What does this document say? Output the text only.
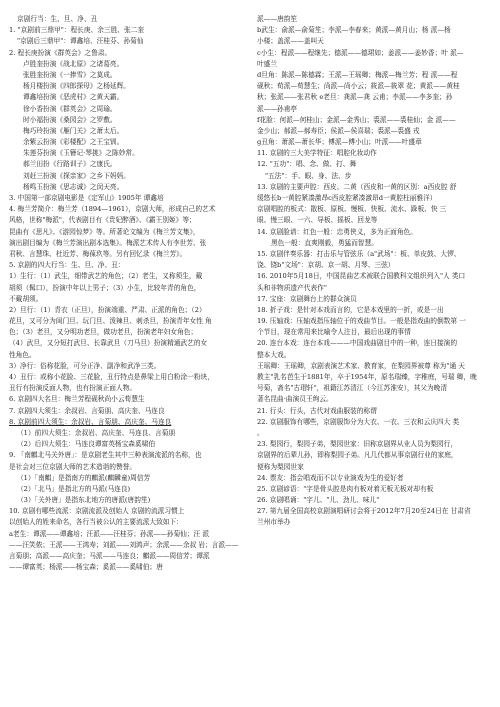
京剧行当：生、旦、净、丑
1. "京剧前三鼎甲"：程长庚、余三胜、张二奎
"京剧后三鼎甲"：谭鑫培、汪桂芬、孙菊仙
2. 程长庚扮演《群英会》之鲁肃。
卢胜奎扮演《战北原》之诸葛亮。
张胜奎扮演《一捧雪》之莫成。
杨月楼扮演《四郎探母》之杨延辉。
谭鑫培扮演《恶虎村》之黄天霸。
徐小香扮演《群英会》之周瑜。
时小福扮演《桑园会》之罗敷。
梅巧玲扮演《雁门关》之萧太后。
余紫云扮演《彩楼配》之王宝钏。
朱莲芬扮演《玉簪记·琴挑》之陈妙常。
郝兰田扮《行路训子》之康氏。
刘赶三扮演《探亲家》之乡下妈妈。
杨鸣玉扮演《思志诚》之闵天亮。
3. 中国第一部京剧电影是《定军山》1905年 谭鑫培
4. 梅兰芳简介：梅兰芳（1894—1961），京剧大师，形成自己的艺术
风格，世称"梅派"，代表剧目有《贵妃醉酒》、《霸王别姬》等；
昆曲有《思凡》、《游园惊梦》等。所著论文编为《梅兰芳文集》，
演出剧目编为《梅兰芳演出剧本选集》。梅派艺术传人有李世芳、张
君秋、言慧珠、杜近芳、梅葆玖等。另有回忆录《梅兰芳》。
5. 京剧的四大行当：生、旦、净、丑：
1）生行：（1）武生，细带武艺的角色；（2）老生，又称须生，戴
胡须（髯口），扮演中年以上男子；（3）小生，比较年青的角色，
不戴胡须。
2）旦行：（1）青衣（正旦），扮演端重、严肃、正派的角色；（2）
花旦，又可分为闺门旦、玩门旦、泼辣旦、刺杀旦，扮演青年女性 角
色；（3）老旦，又分明功老旦，做功老旦，扮演老年妇女角色；
（4）武旦，又分短打武旦、长靠武旦（刀马旦）扮演精通武艺的女
性角色。
3）净行：俗称花脸，可分正净、副净和武净三类。
4）丑行：或称小花脸、三花脸，丑行特点是鼻梁上用白粉涂一粉块，
丑行有扮演反面人物，也有扮演正面人物。
6. 京剧四大名旦：梅兰芳程砚秋尚小云荀慧生
7. 京剧四大须生：余叔岩、言菊朋、高庆奎、马连良
8. 京剧前四大须生：余叔岩、言菊朋、高庆奎、马连良
（1）前四大须生：余叔岩、高庆奎、马连良、言菊朋
（2）后四大须生：马连良谭富英杨宝森奚啸伯
9. 「南麒北马关外唐」：是京剧老生其中三种表演流派的名称，也
是社会对三位京剧大师的艺术造诣的赞誉。
（1）「南麒」是指南方的麒派(麒麟童)周信芳
（2）「北马」是指北方的马派(马连良)
（3）「关外唐」是指东北地方的唐派(唐韵笙)
10. 京剧有哪些流派：京剧流派及创始人 京剧的流派习惯上
以创始人的姓来命名，各行当被公认的主要流派大致如下：
a老生：谭派——谭鑫培；汪派——汪桂芬；孙派——孙菊仙；汪 派
——汪笑侬；王派——王鸿寿；刘派——刘鸿声；余派——余叔 岩；言派——
言菊朋；高派——高庆奎；马派——马连良；麒派——周信芳；谭派
——谭富英；杨派——杨宝森；奚派——奚啸伯；唐
派——唐韵笙
b武生：俞派—俞菊笙；李派—李春来；黄派—黄月山；杨 派—杨
小楼；盖派——盖叫天
c小生：程派——程继先；德派——德珺如；姜派——姜妙香；叶 派—
叶盛兰
d旦角：陈派—陈德霖；王派—王瑶卿；梅派—梅兰芳；程 派——程
砚秋；荀派—荀慧生；尚派—尚小云；筱派—筱翠 花；黄派——黄桂
秋；张派——张君秋 e老旦：龚派—龚 云甫；李派——李多奎；孙
派——孙甫亭
f花脸：何派—何桂山；金派—金秀山；裘派——裘桂仙；金 派——
金少山；郝派—郝寿臣；侯派—侯喜瑞；裘派—裘盛 戎
g丑角：萧派—萧长华；傅派—傅小山；叶派——叶盛章
11. 京剧的三大美学特征：唱腔化妆动作
12. "五功"：唱、念、做、打、舞
"五法"：手、眼、身、法、步
13. 京剧的主要声腔：西皮、二黄（西皮和一黄的区别：a西皮腔 舒
缓悠长b一黄腔紧凑激昂c西皮腔紧凑激昂d一黄腔柱丽雅洋）
京剧唱腔的板式：散板、原板、慢板、快板、流水、跺板、快 三
眼、慢三眼、一六、导板、摇板、回龙等
14. 京剧脸谱：红色一般：忠勇侠义，多为正面角色。
黑色一般：直爽刚毅，勇猛而智慧。
15. 京剧伴奏乐器：打击乐与管弦乐（a"武场"：板、单皮鼓、大锣、
饶、铙b"文场"：京胡、京一胡、月琴、三弦）
16. 2010年5月18日，中国昆曲艺术被联合国教科文组织列入"人 类口
头和非物质遗产代表作"
17. 宝座：京剧舞台上的群众演员
18. 折子戏：是针对本戏而言的，它是本戏里的一折，或是一出
19. 压轴戏：压轴戏指压轴位于的戏曲节目。一般是指戏曲的倒数第 一
个节目，现在常用来比喻令人注目，最后出现的事情
20. 连台本戏：连台本戏———中国戏曲剧目中的一种，连日接演的
整本大戏。
王瑶卿：王瑶卿，京剧表演艺术家、教育家，在梨园界被尊 称为"通 天
教主"乳名芭生于1881年，卒于1954年，原名瑞臻，字稚庭，号瑞 卿，晚
号菊，斋名"古瑁轩"，祖籍江苏清江（今江苏淮安），其父为晚清
著名昆曲·曲演员王绚云。
21. 行头：行头，古代对戏曲服装的称谓
22. 京剧服饰有哪些，京剧服饰分为大衣、一衣、三衣和云庆四大 类
。
23. 梨园行，梨园子弟，梨园世家：旧称京剧界从业人员为梨园行，
京剧界的后辈儿孙，即称梨园子弟。凡几代都从事京剧行业的家庭，
便称为梨园世家
24. 票友：指会唱戏而不以专业演戏为生的爱好者
25. 京剧谚语："字是骨头腔是肉有板对着无板无板对却有板
26. 京剧唱诵："字儿、"儿、劲儿、味儿"
27. 第九届全国高校京剧演唱研讨会将于2012年7月20至24日在 甘肃省
兰州市举办
